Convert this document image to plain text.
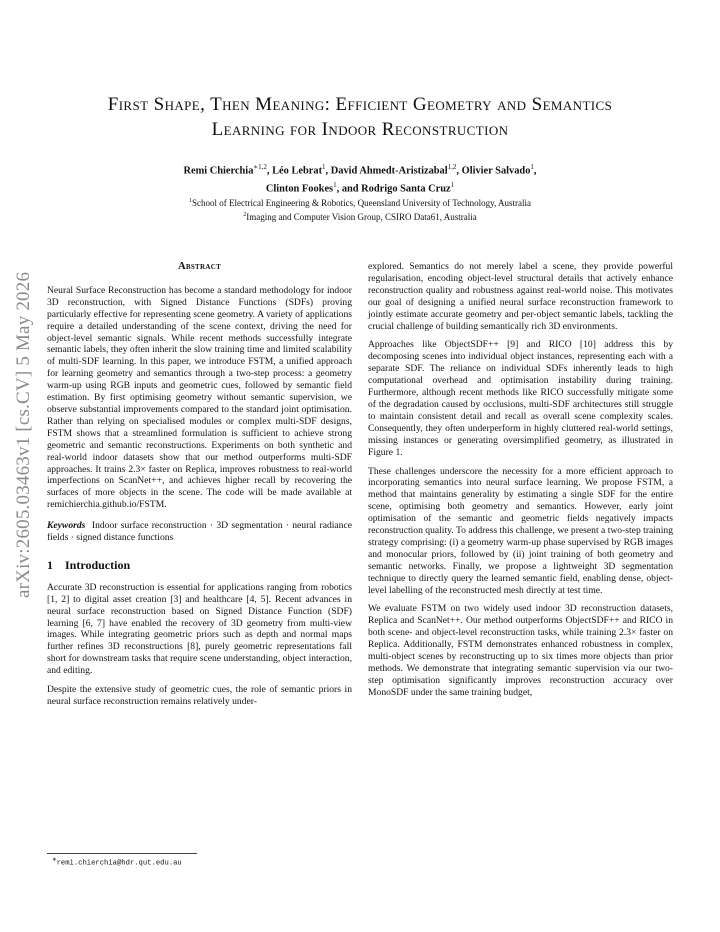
arXiv:2605.03463v1 [cs.CV] 5 May 2026
First Shape, Then Meaning: Efficient Geometry and Semantics
Learning for Indoor Reconstruction
Remi Chierchia$^{∗1,2}$, Léo Lebrat$^1$, David Ahmedt-Aristizabal$^{1,2}$, Olivier Salvado$^1$,
Clinton Fookes$^1$, and Rodrigo Santa Cruz$^1$
$^1$School of Electrical Engineering & Robotics, Queensland University of Technology, Australia
$^2$Imaging and Computer Vision Group, CSIRO Data61, Australia
Abstract

Neural Surface Reconstruction has become a standard methodology for indoor 3D reconstruction, with Signed Distance Functions (SDFs) proving particularly effective for representing scene geometry. A variety of applications require a detailed understanding of the scene context, driving the need for object-level semantic signals. While recent methods successfully integrate semantic labels, they often inherit the slow training time and limited scalability of multi-SDF learning. In this paper, we introduce FSTM, a unified approach for learning geometry and semantics through a two-step process: a geometry warm-up using RGB inputs and geometric cues, followed by semantic field estimation. By first optimising geometry without semantic supervision, we observe substantial improvements compared to the standard joint optimisation. Rather than relying on specialised modules or complex multi-SDF designs, FSTM shows that a streamlined formulation is sufficient to achieve strong geometric and semantic reconstructions. Experiments on both synthetic and real-world indoor datasets show that our method outperforms multi-SDF approaches. It trains 2.3× faster on Replica, improves robustness to real-world imperfections on ScanNet++, and achieves higher recall by recovering the surfaces of more objects in the scene. The code will be made available at remichierchia.github.io/FSTM.

Keywords Indoor surface reconstruction · 3D segmentation · neural radiance fields · signed distance functions

1 Introduction

Accurate 3D reconstruction is essential for applications ranging from robotics [1, 2] to digital asset creation [3] and healthcare [4, 5]. Recent advances in neural surface reconstruction based on Signed Distance Function (SDF) learning [6, 7] have enabled the recovery of 3D geometry from multi-view images. While integrating geometric priors such as depth and normal maps further refines 3D reconstructions [8], purely geometric representations fall short for downstream tasks that require scene understanding, object interaction, and editing.

Despite the extensive study of geometric cues, the role of semantic priors in neural surface reconstruction remains relatively under-

explored. Semantics do not merely label a scene, they provide powerful regularisation, encoding object-level structural details that actively enhance reconstruction quality and robustness against real-world noise. This motivates our goal of designing a unified neural surface reconstruction framework to jointly estimate accurate geometry and per-object semantic labels, tackling the crucial challenge of building semantically rich 3D environments.

Approaches like ObjectSDF++ [9] and RICO [10] address this by decomposing scenes into individual object instances, representing each with a separate SDF. The reliance on individual SDFs inherently leads to high computational overhead and optimisation instability during training. Furthermore, although recent methods like RICO successfully mitigate some of the degradation caused by occlusions, multi-SDF architectures still struggle to maintain consistent detail and recall as overall scene complexity scales. Consequently, they often underperform in highly cluttered real-world settings, missing instances or generating oversimplified geometry, as illustrated in Figure 1.

These challenges underscore the necessity for a more efficient approach to incorporating semantics into neural surface learning. We propose FSTM, a method that maintains generality by estimating a single SDF for the entire scene, optimising both geometry and semantics. However, early joint optimisation of the semantic and geometric fields negatively impacts reconstruction quality. To address this challenge, we present a two-step training strategy comprising: (i) a geometry warm-up phase supervised by RGB images and monocular priors, followed by (ii) joint training of both geometry and semantic networks. Finally, we propose a lightweight 3D segmentation technique to directly query the learned semantic field, enabling dense, object-level labelling of the reconstructed mesh directly at test time.

We evaluate FSTM on two widely used indoor 3D reconstruction datasets, Replica and ScanNet++. Our method outperforms ObjectSDF++ and RICO in both scene- and object-level reconstruction tasks, while training 2.3× faster on Replica. Additionally, FSTM demonstrates enhanced robustness in complex, multi-object scenes by reconstructing up to six times more objects than prior methods. We demonstrate that integrating semantic supervision via our two-step optimisation significantly improves reconstruction accuracy over MonoSDF under the same training budget,

∗remi.chierchia@hdr.qut.edu.au
